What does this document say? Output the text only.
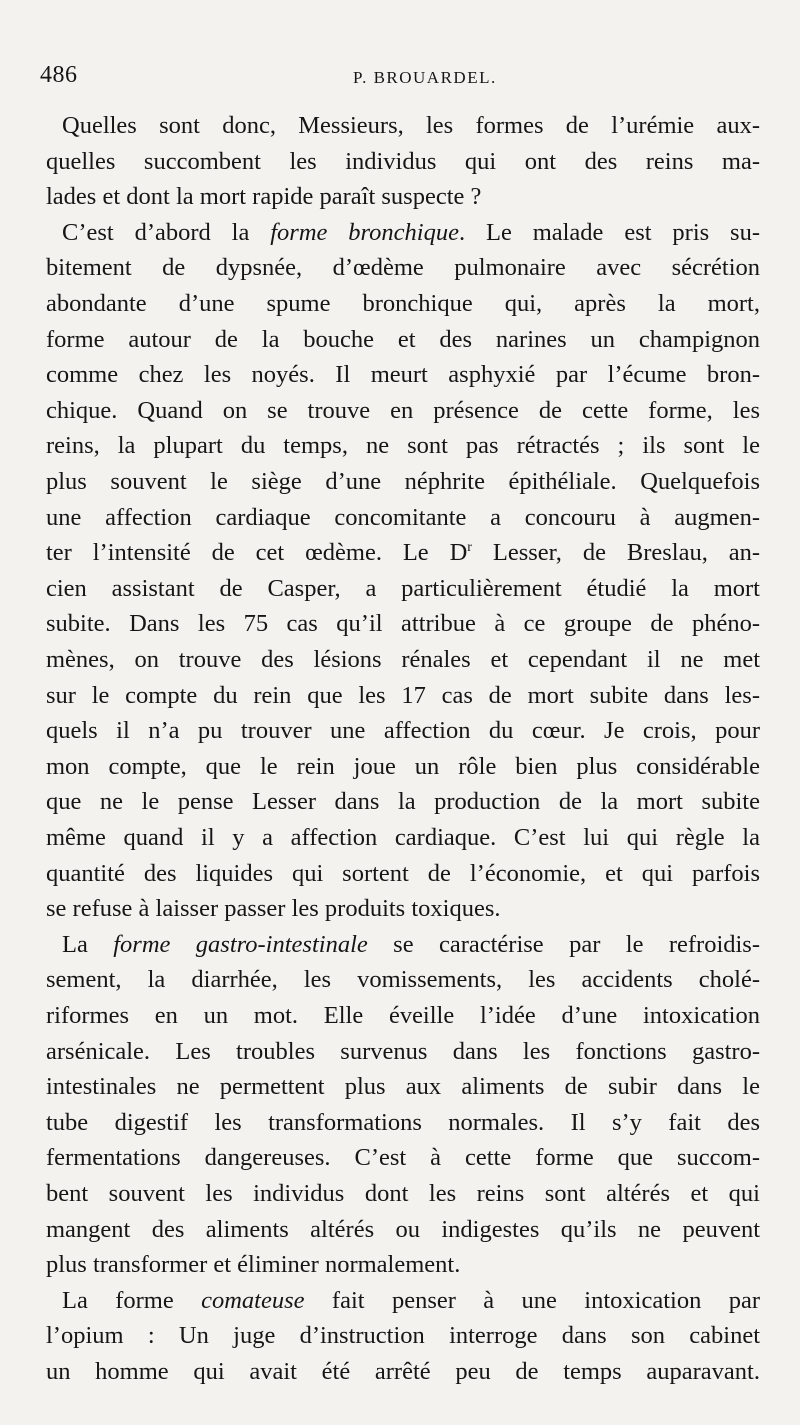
486	P. BROUARDEL.
Quelles sont donc, Messieurs, les formes de l’urémie aux-
quelles succombent les individus qui ont des reins ma-
lades et dont la mort rapide paraît suspecte ?
C’est d’abord la forme bronchique. Le malade est pris su-
bitement de dypsnée, d’œdème pulmonaire avec sécrétion
abondante d’une spume bronchique qui, après la mort,
forme autour de la bouche et des narines un champignon
comme chez les noyés. Il meurt asphyxié par l’écume bron-
chique. Quand on se trouve en présence de cette forme, les
reins, la plupart du temps, ne sont pas rétractés ; ils sont le
plus souvent le siège d’une néphrite épithéliale. Quelquefois
une affection cardiaque concomitante a concouru à augmen-
ter l’intensité de cet œdème. Le $D^r$ Lesser, de Breslau, an-
cien assistant de Casper, a particulièrement étudié la mort
subite. Dans les 75 cas qu’il attribue à ce groupe de phéno-
mènes, on trouve des lésions rénales et cependant il ne met
sur le compte du rein que les 17 cas de mort subite dans les-
quels il n’a pu trouver une affection du cœur. Je crois, pour
mon compte, que le rein joue un rôle bien plus considérable
que ne le pense Lesser dans la production de la mort subite
même quand il y a affection cardiaque. C’est lui qui règle la
quantité des liquides qui sortent de l’économie, et qui parfois
se refuse à laisser passer les produits toxiques.
La forme gastro-intestinale se caractérise par le refroidis-
sement, la diarrhée, les vomissements, les accidents cholé-
riformes en un mot. Elle éveille l’idée d’une intoxication
arsénicale. Les troubles survenus dans les fonctions gastro-
intestinales ne permettent plus aux aliments de subir dans le
tube digestif les transformations normales. Il s’y fait des
fermentations dangereuses. C’est à cette forme que succom-
bent souvent les individus dont les reins sont altérés et qui
mangent des aliments altérés ou indigestes qu’ils ne peuvent
plus transformer et éliminer normalement.
La forme comateuse fait penser à une intoxication par
l’opium : Un juge d’instruction interroge dans son cabinet
un homme qui avait été arrêté peu de temps auparavant.
